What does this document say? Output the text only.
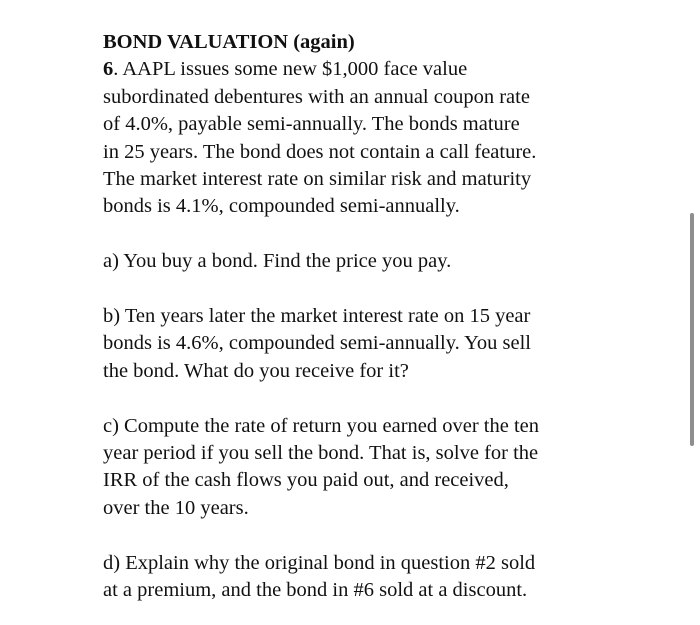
BOND VALUATION (again)

6. AAPL issues some new $1,000 face value
subordinated debentures with an annual coupon rate
of 4.0%, payable semi-annually. The bonds mature
in 25 years. The bond does not contain a call feature.
The market interest rate on similar risk and maturity
bonds is 4.1%, compounded semi-annually.

a) You buy a bond. Find the price you pay.

b) Ten years later the market interest rate on 15 year
bonds is 4.6%, compounded semi-annually. You sell
the bond. What do you receive for it?

c) Compute the rate of return you earned over the ten
year period if you sell the bond. That is, solve for the
IRR of the cash flows you paid out, and received,
over the 10 years.

d) Explain why the original bond in question #2 sold
at a premium, and the bond in #6 sold at a discount.
